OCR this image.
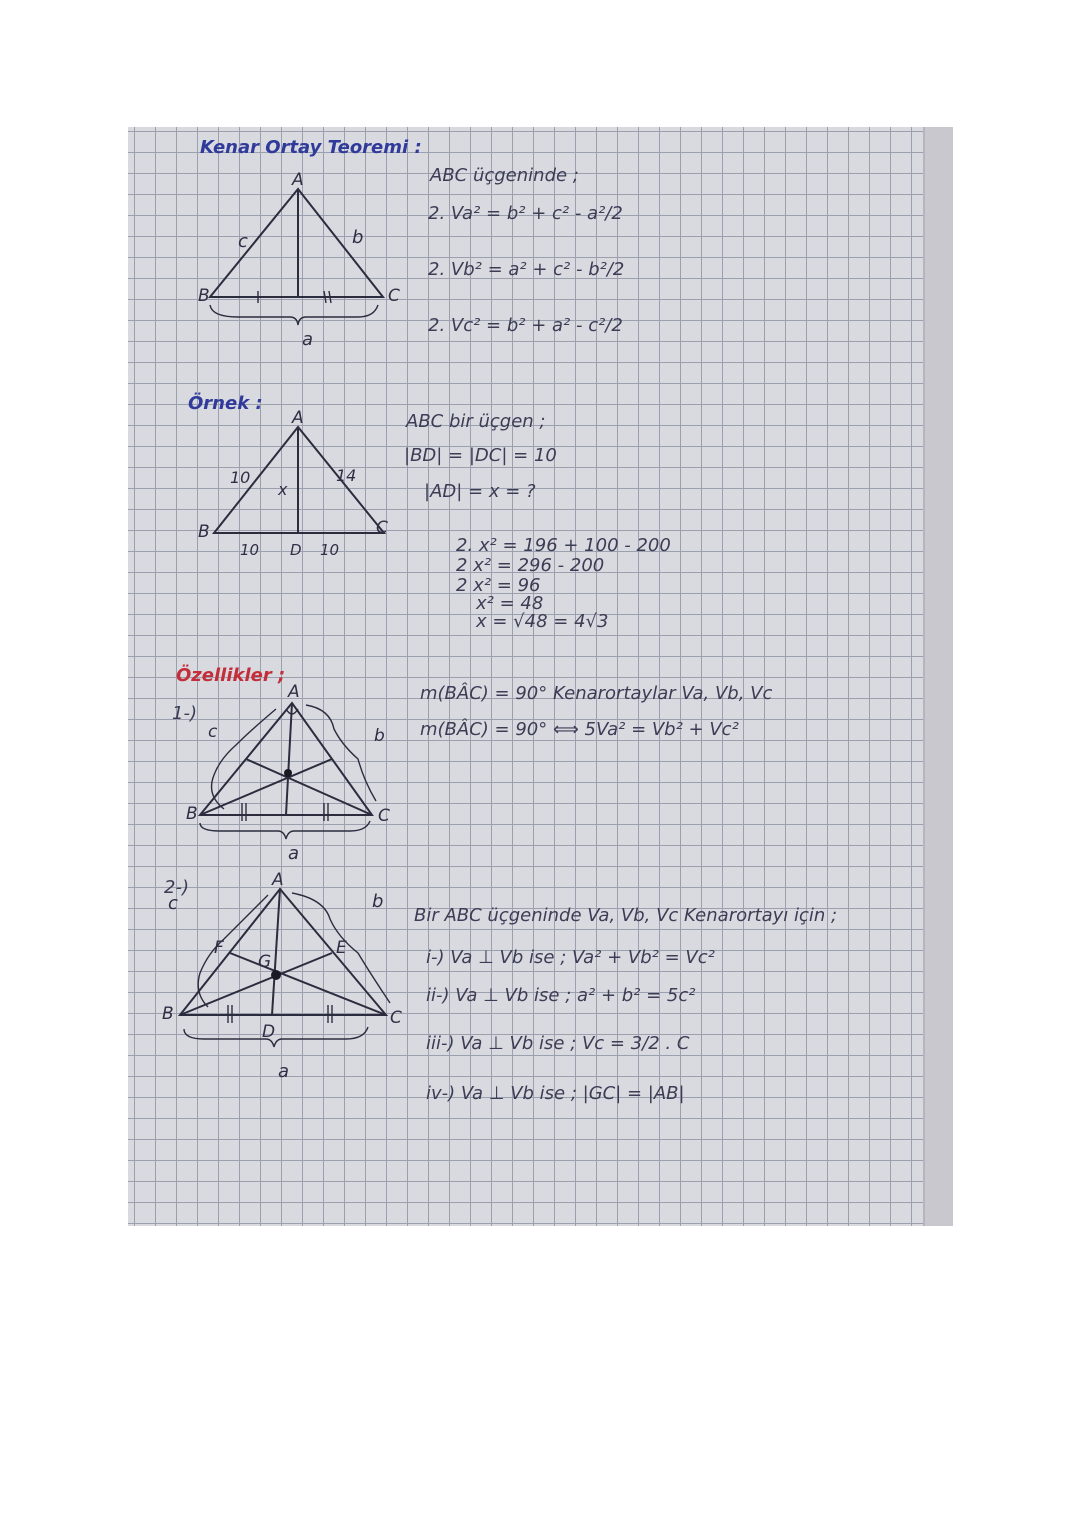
Kenar Ortay Teoremi :
A
B	C
c	b
a
ABC üçgeninde ;
2. Va² = b² + c² - a²/2
2. Vb² = a² + c² - b²/2
2. Vc² = b² + a² - c²/2
Örnek :
A
B	C
10	14
x
10 D 10
ABC bir üçgen ;
|BD| = |DC| = 10
|AD| = x = ?
2. x² = 196 + 100 - 200
2 x² = 296 - 200
2 x² = 96
x² = 48
x = √48 = 4√3
Özellikler ;
1-)
A
B	C
c	b
a
m(BÂC) = 90° Kenarortaylar Va, Vb, Vc
m(BÂC) = 90° ⟺ 5Va² = Vb² + Vc²
2-)	A
B	C
c	b
F	E
G
D
a
Bir ABC üçgeninde Va, Vb, Vc Kenarortayı için ;
i-) Va ⊥ Vb ise ; Va² + Vb² = Vc²
ii-) Va ⊥ Vb ise ; a² + b² = 5c²
iii-) Va ⊥ Vb ise ; Vc = 3/2 . C
iv-) Va ⊥ Vb ise ; |GC| = |AB|
